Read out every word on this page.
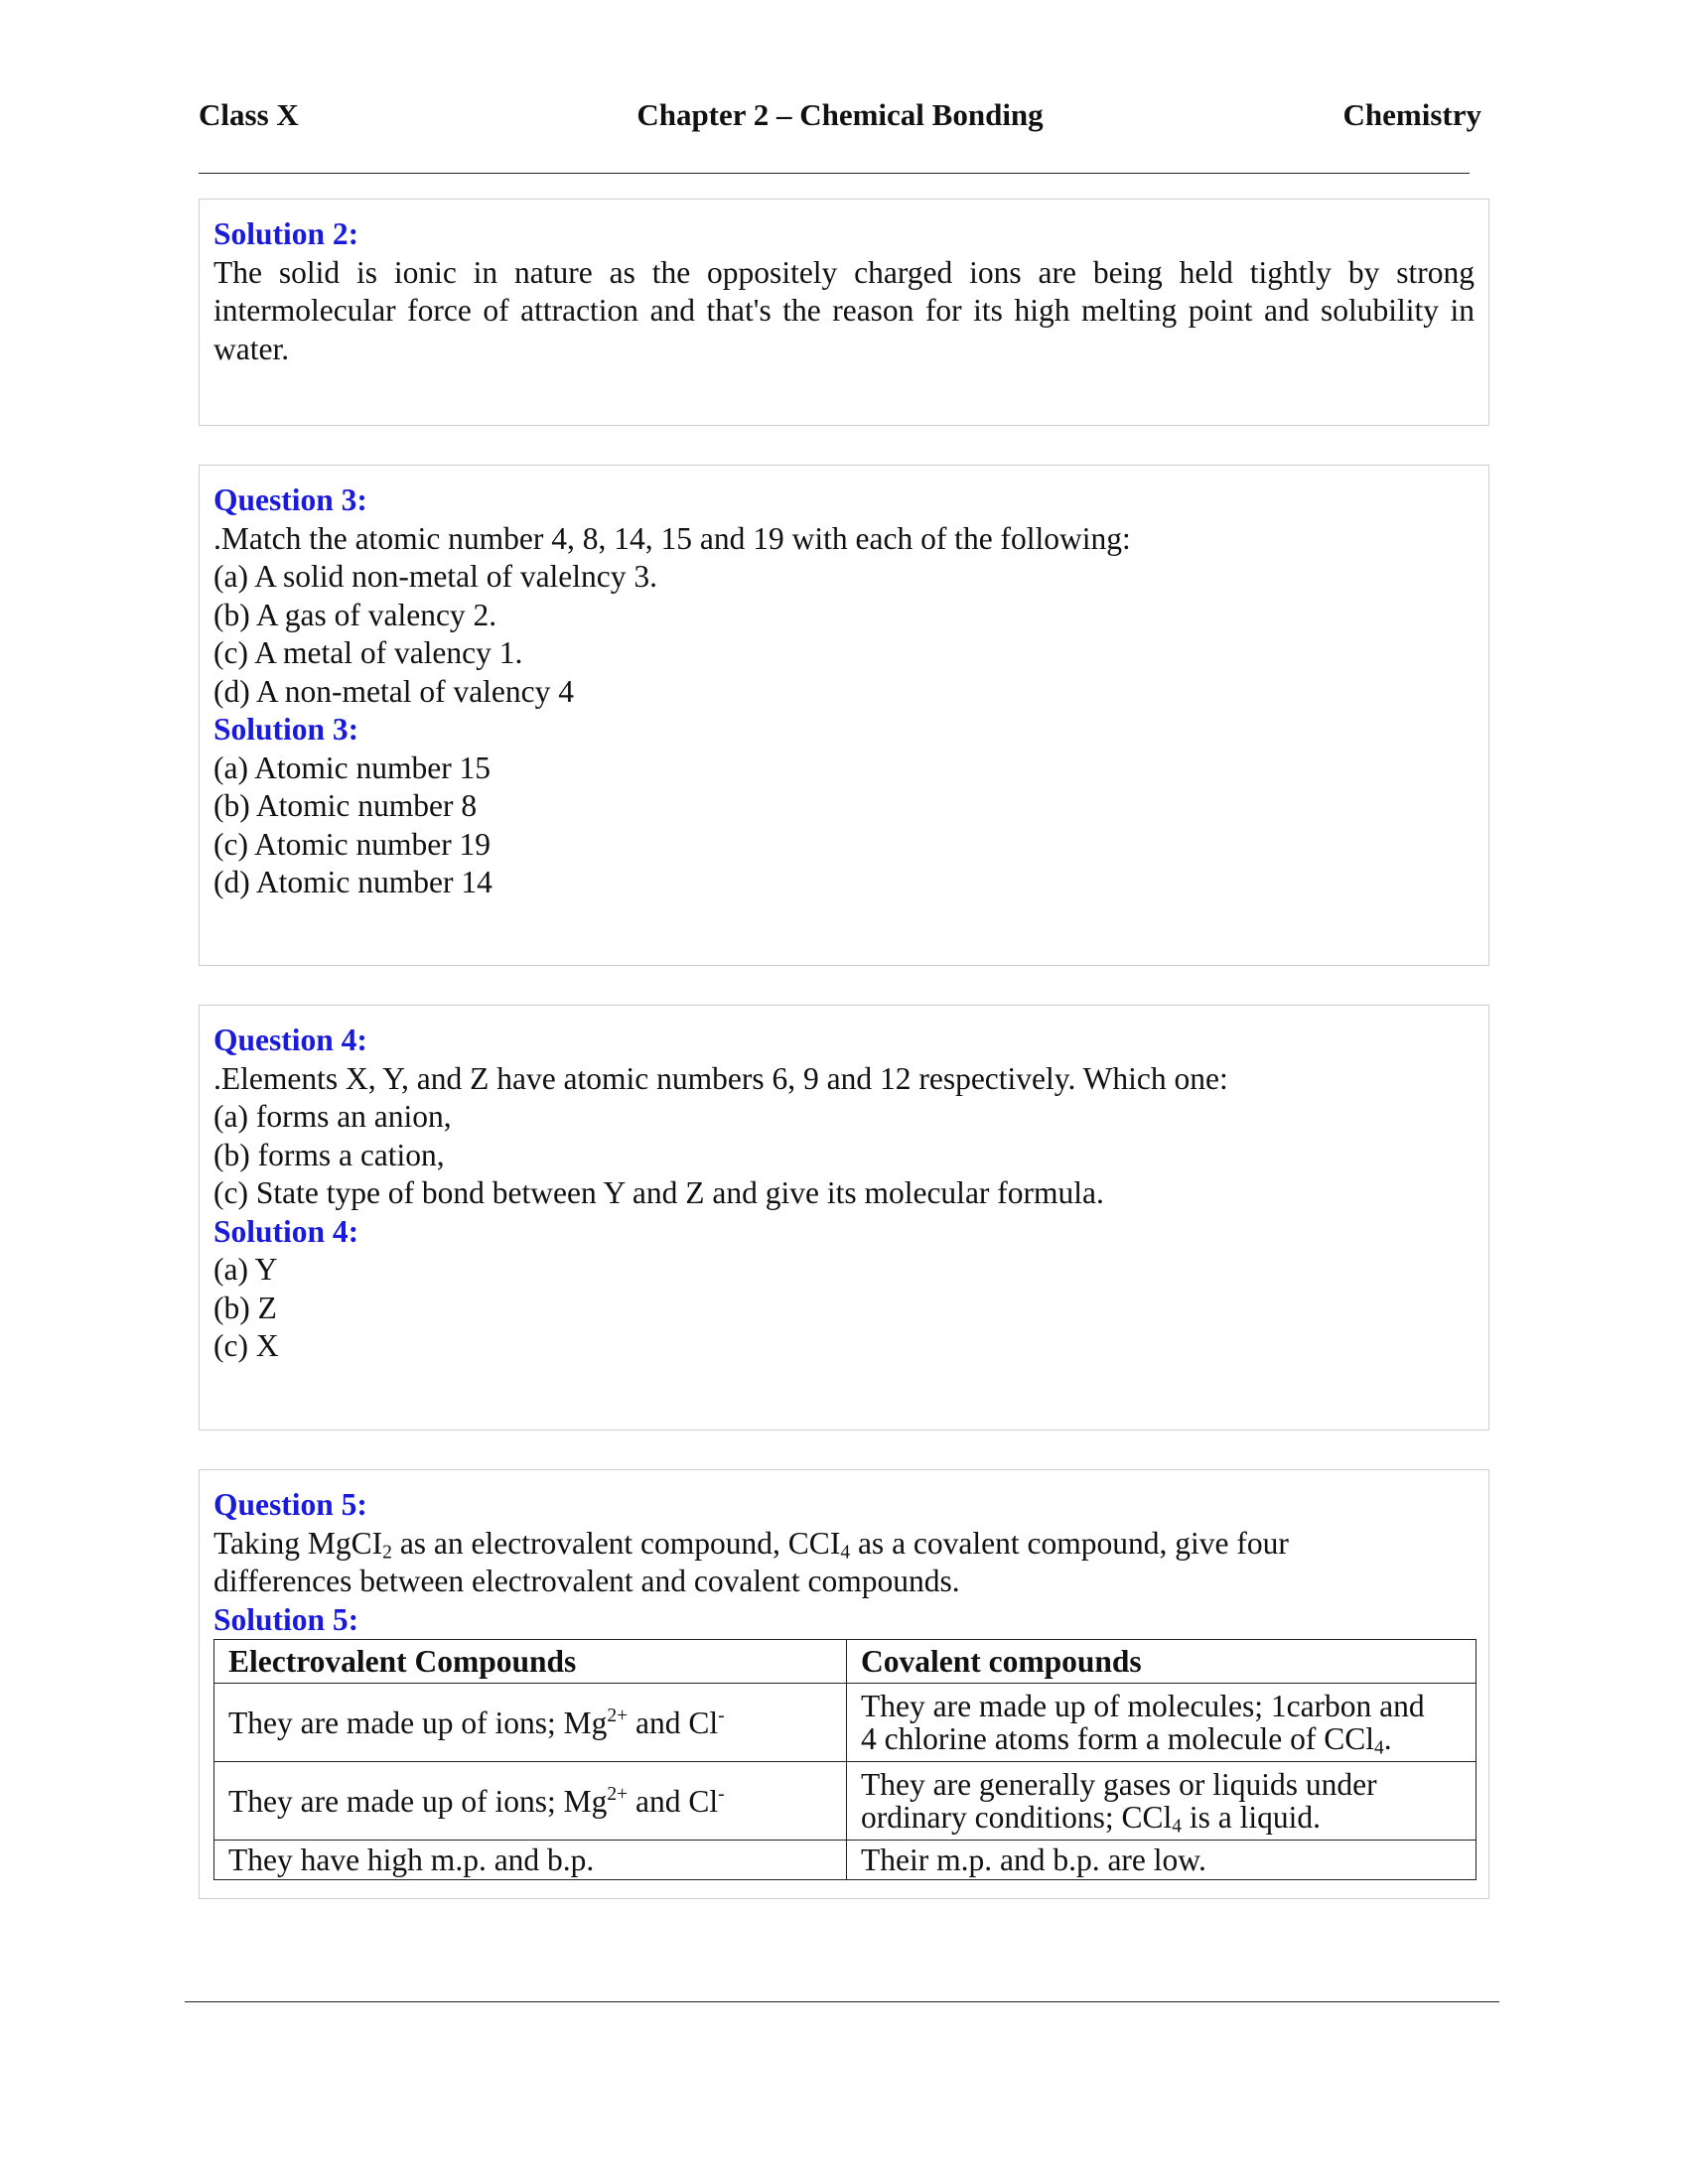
Class X	Chapter 2 – Chemical Bonding	Chemistry
Solution 2:
The solid is ionic in nature as the oppositely charged ions are being held tightly by strong intermolecular force of attraction and that's the reason for its high melting point and solubility in water.
Question 3:
.Match the atomic number 4, 8, 14, 15 and 19 with each of the following:
(a) A solid non-metal of valelncy 3.
(b) A gas of valency 2.
(c) A metal of valency 1.
(d) A non-metal of valency 4
Solution 3:
(a) Atomic number 15
(b) Atomic number 8
(c) Atomic number 19
(d) Atomic number 14
Question 4:
.Elements X, Y, and Z have atomic numbers 6, 9 and 12 respectively. Which one:
(a) forms an anion,
(b) forms a cation,
(c) State type of bond between Y and Z and give its molecular formula.
Solution 4:
(a) Y
(b) Z
(c) X
Question 5:
Taking MgCI$_2$ as an electrovalent compound, $CCI_4$ as a covalent compound, give four
differences between electrovalent and covalent compounds.
Solution 5:
Electrovalent Compounds	Covalent compounds
They are made up of ions; $Mg^{2+}$ and Cl-	They are made up of molecules; 1carbon and
4 chlorine atoms form a molecule of CCl$_4$.
They are made up of ions; $Mg^{2+}$ and Cl-	They are generally gases or liquids under
ordinary conditions; CCl$_4$ is a liquid.
They have high m.p. and b.p.	Their m.p. and b.p. are low.
